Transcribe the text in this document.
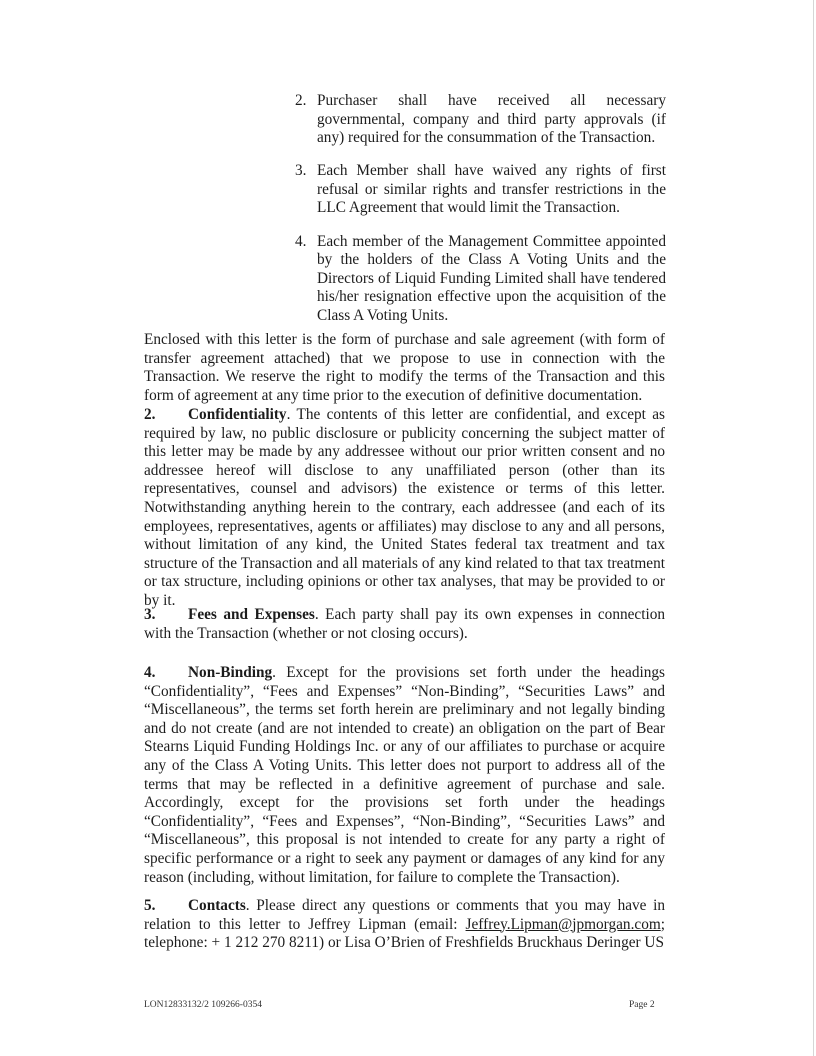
2. Purchaser shall have received all necessary governmental, company and third party approvals (if any) required for the consummation of the Transaction.
3. Each Member shall have waived any rights of first refusal or similar rights and transfer restrictions in the LLC Agreement that would limit the Transaction.
4. Each member of the Management Committee appointed by the holders of the Class A Voting Units and the Directors of Liquid Funding Limited shall have tendered his/her resignation effective upon the acquisition of the Class A Voting Units.

Enclosed with this letter is the form of purchase and sale agreement (with form of transfer agreement attached) that we propose to use in connection with the Transaction. We reserve the right to modify the terms of the Transaction and this form of agreement at any time prior to the execution of definitive documentation.

2. Confidentiality. The contents of this letter are confidential, and except as required by law, no public disclosure or publicity concerning the subject matter of this letter may be made by any addressee without our prior written consent and no addressee hereof will disclose to any unaffiliated person (other than its representatives, counsel and advisors) the existence or terms of this letter. Notwithstanding anything herein to the contrary, each addressee (and each of its employees, representatives, agents or affiliates) may disclose to any and all persons, without limitation of any kind, the United States federal tax treatment and tax structure of the Transaction and all materials of any kind related to that tax treatment or tax structure, including opinions or other tax analyses, that may be provided to or by it.

3. Fees and Expenses. Each party shall pay its own expenses in connection with the Transaction (whether or not closing occurs).

4. Non-Binding. Except for the provisions set forth under the headings “Confidentiality”, “Fees and Expenses” “Non-Binding”, “Securities Laws” and “Miscellaneous”, the terms set forth herein are preliminary and not legally binding and do not create (and are not intended to create) an obligation on the part of Bear Stearns Liquid Funding Holdings Inc. or any of our affiliates to purchase or acquire any of the Class A Voting Units. This letter does not purport to address all of the terms that may be reflected in a definitive agreement of purchase and sale. Accordingly, except for the provisions set forth under the headings “Confidentiality”, “Fees and Expenses”, “Non-Binding”, “Securities Laws” and “Miscellaneous”, this proposal is not intended to create for any party a right of specific performance or a right to seek any payment or damages of any kind for any reason (including, without limitation, for failure to complete the Transaction).

5. Contacts. Please direct any questions or comments that you may have in relation to this letter to Jeffrey Lipman (email: Jeffrey.Lipman@jpmorgan.com; telephone: + 1 212 270 8211) or Lisa O’Brien of Freshfields Bruckhaus Deringer US

LON12833132/2 109266-0354	Page 2
